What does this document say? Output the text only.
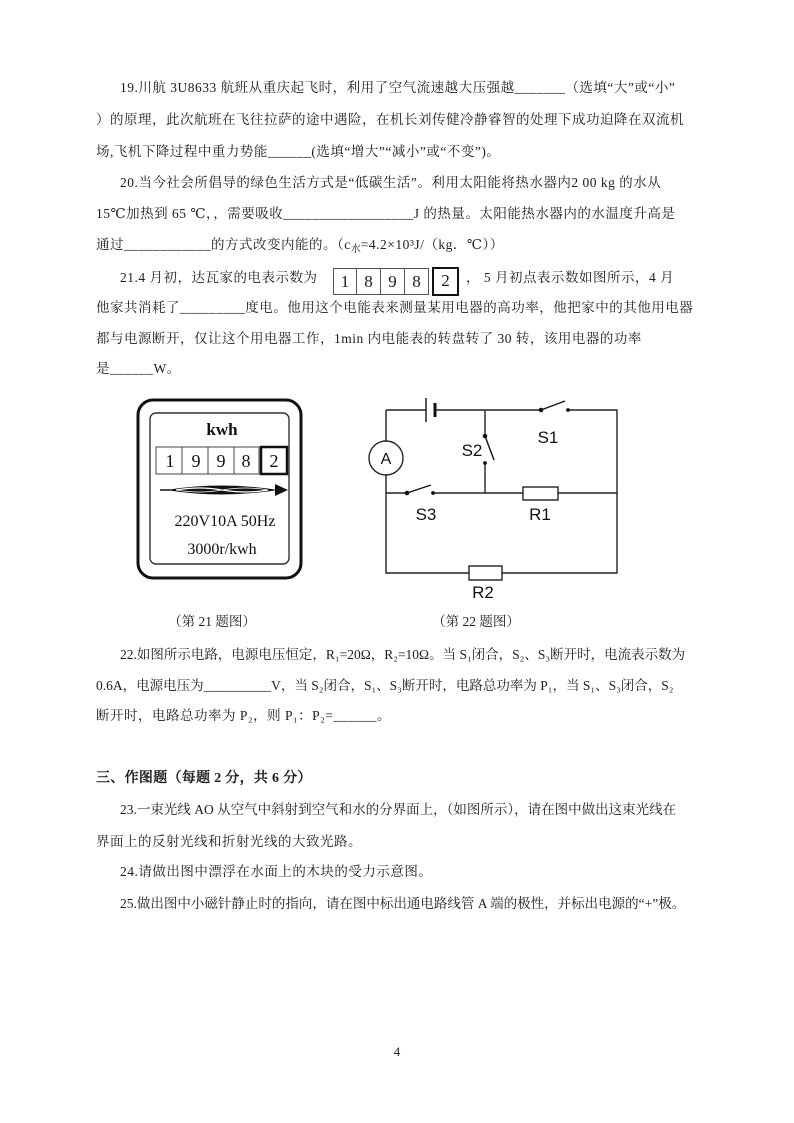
19.川航 3U8633 航班从重庆起飞时，利用了空气流速越大压强越_______（选填“大”或“小”
）的原理，此次航班在飞往拉萨的途中遇险，在机长刘传健冷静睿智的处理下成功迫降在双流机
场,飞机下降过程中重力势能______(选填“增大”“减小”或“不变”)。
20.当今社会所倡导的绿色生活方式是“低碳生活”。利用太阳能将热水器内2 00 kg 的水从
15℃加热到 65 ℃，，需要吸收__________________J 的热量。太阳能热水器内的水温度升高是
通过____________的方式改变内能的。（$c_水=4.2\times 10^3J/(kg$．℃））
21.4 月初，达瓦家的电表示数为	1 8 9 8	2	， 5 月初点表示数如图所示，4 月
他家共消耗了_________度电。他用这个电能表来测量某用电器的高功率，他把家中的其他用电器
都与电源断开，仅让这个用电器工作，1min 内电能表的转盘转了 30 转，该用电器的功率
是______W。
kwh
1 9 9 8 2
220V10A 50Hz
3000r/kwh
A
S1
S2
S3	R1
R2
（第 21 题图）	（第 22 题图）
22.如图所示电路，电源电压恒定，R₁=20Ω，R₂=10Ω。当 S₁闭合，S₂、S₃断开时，电流表示数为
0.6A，电源电压为__________V，当 S₂闭合，S₁、S₃断开时，电路总功率为 P₁，当 S₁、S₃闭合，S₂
断开时，电路总功率为 P₂，则 P₁：P₂=______。
三、作图题（每题 2 分，共 6 分）
23.一束光线 AO 从空气中斜射到空气和水的分界面上，（如图所示），请在图中做出这束光线在
界面上的反射光线和折射光线的大致光路。
24.请做出图中漂浮在水面上的木块的受力示意图。
25.做出图中小磁针静止时的指向，请在图中标出通电路线管 A 端的极性，并标出电源的“+”极。
4
